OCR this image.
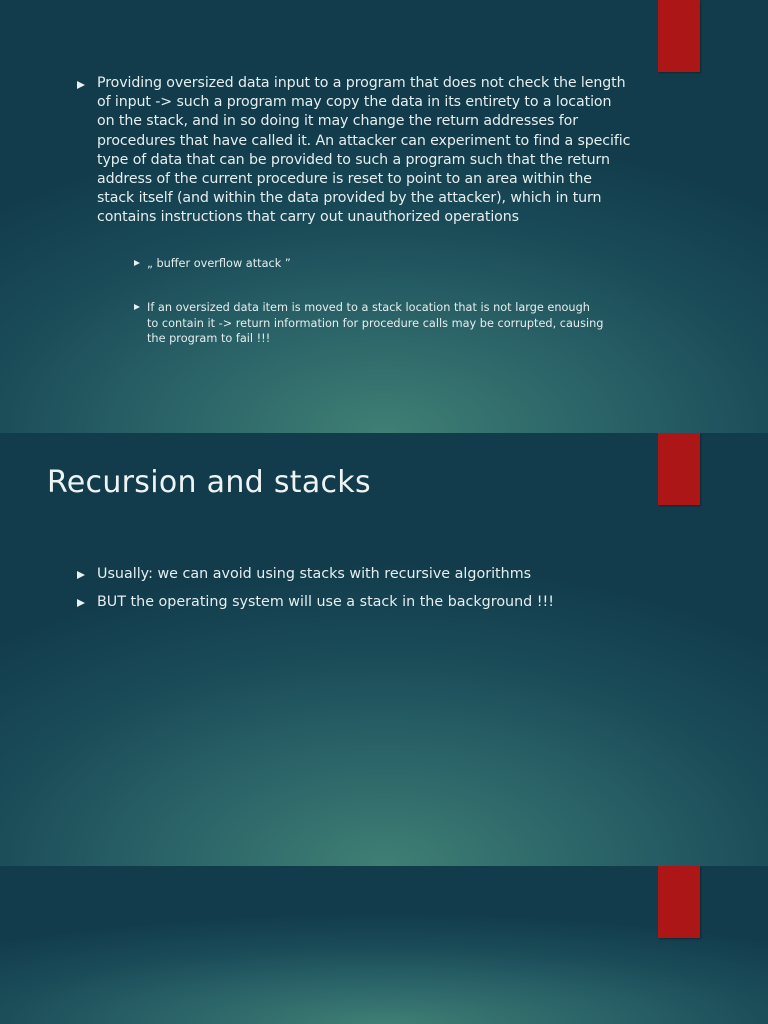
Providing oversized data input to a program that does not check the length of input -> such a program may copy the data in its entirety to a location on the stack, and in so doing it may change the return addresses for procedures that have called it. An attacker can experiment to find a specific type of data that can be provided to such a program such that the return address of the current procedure is reset to point to an area within the stack itself (and within the data provided by the attacker), which in turn contains instructions that carry out unauthorized operations
„ buffer overflow attack ”
If an oversized data item is moved to a stack location that is not large enough to contain it -> return information for procedure calls may be corrupted, causing the program to fail !!!
Recursion and stacks
Usually: we can avoid using stacks with recursive algorithms
BUT the operating system will use a stack in the background !!!
